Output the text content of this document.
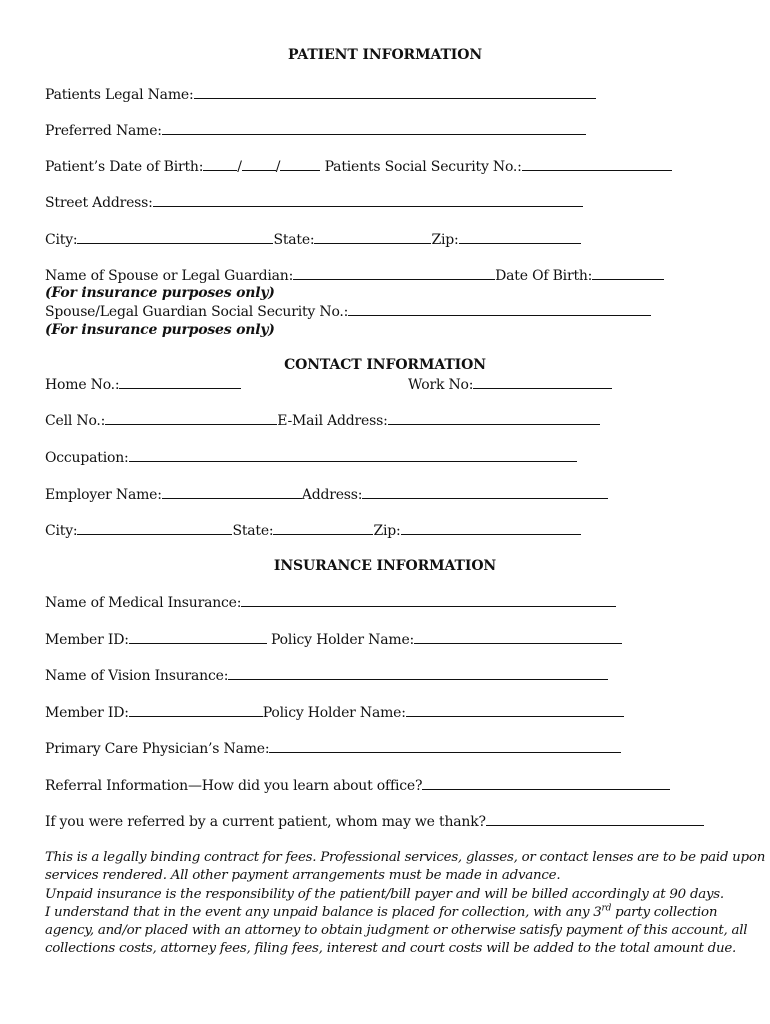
PATIENT INFORMATION
Patients Legal Name:
Preferred Name:
Patient’s Date of Birth: / /	Patients Social Security No.:
Street Address:
City:	State:	Zip:
Name of Spouse or Legal Guardian:	Date Of Birth:
(For insurance purposes only)
Spouse/Legal Guardian Social Security No.:
(For insurance purposes only)
CONTACT INFORMATION
Home No.:	Work No:
Cell No.:	E-Mail Address:
Occupation:
Employer Name:	Address:
City:	State:	Zip:
INSURANCE INFORMATION
Name of Medical Insurance:
Member ID:	Policy Holder Name:
Name of Vision Insurance:
Member ID:	Policy Holder Name:
Primary Care Physician’s Name:
Referral Information—How did you learn about office?
If you were referred by a current patient, whom may we thank?
This is a legally binding contract for fees. Professional services, glasses, or contact lenses are to be paid upon
services rendered. All other payment arrangements must be made in advance.
Unpaid insurance is the responsibility of the patient/bill payer and will be billed accordingly at 90 days.
I understand that in the event any unpaid balance is placed for collection, with any 3rd party collection
agency, and/or placed with an attorney to obtain judgment or otherwise satisfy payment of this account, all
collections costs, attorney fees, filing fees, interest and court costs will be added to the total amount due.
